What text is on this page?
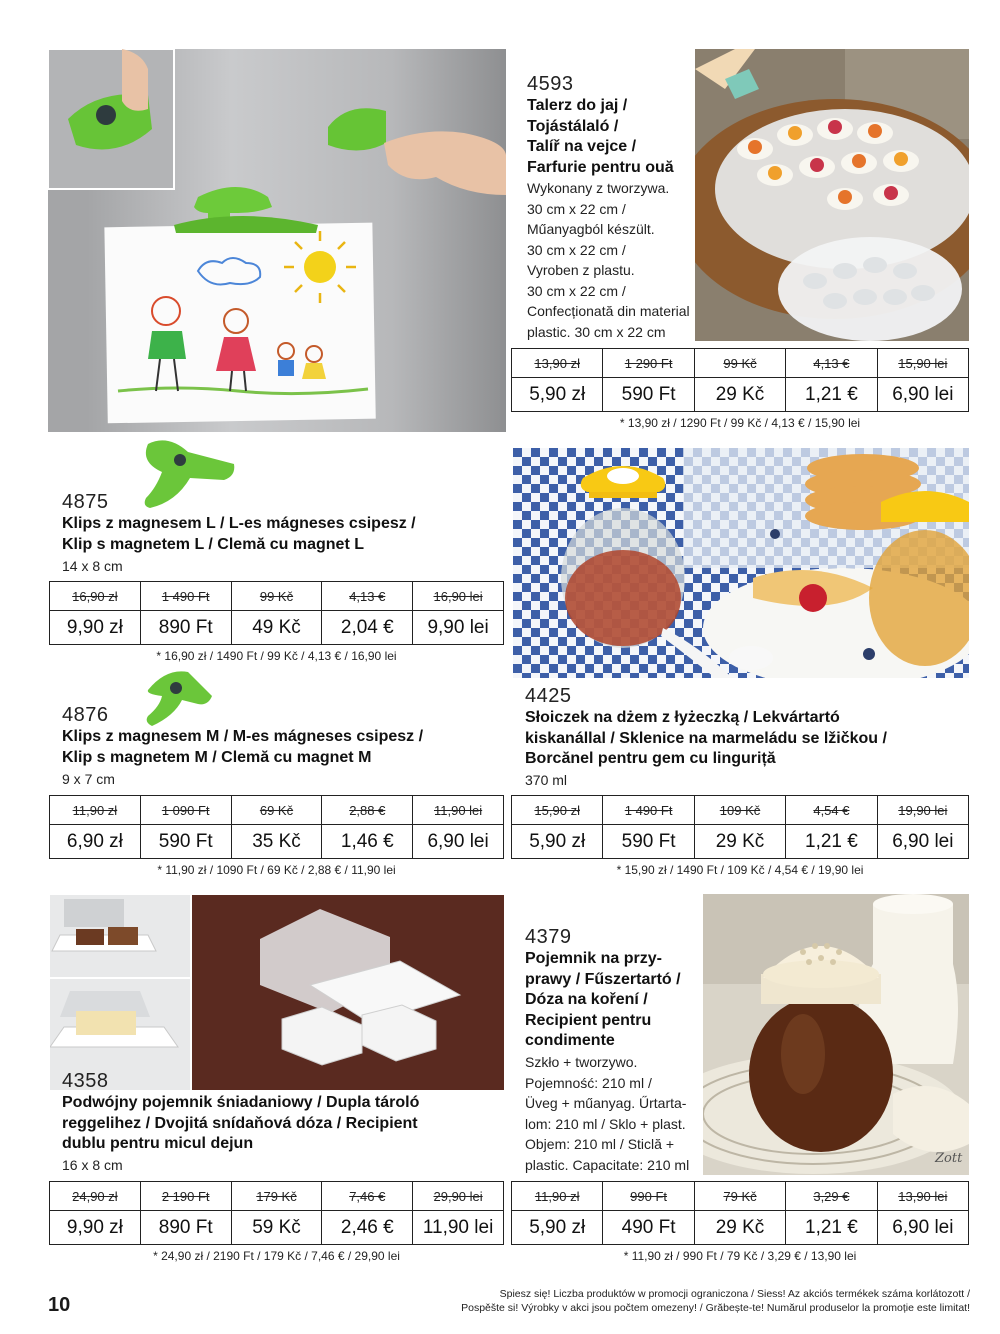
4593
Talerz do jaj /
Tojástálaló /
Talíř na vejce /
Farfurie pentru ouă
Wykonany z tworzywa.
30 cm x 22 cm /
Műanyagból készült.
30 cm x 22 cm /
Vyroben z plastu.
30 cm x 22 cm /
Confecționată din material
plastic. 30 cm x 22 cm
13,90 zł	1 290 Ft	99 Kč	4,13 €	15,90 lei
5,90 zł 590 Ft 29 Kč 1,21 € 6,90 lei
* 13,90 zł / 1290 Ft / 99 Kč / 4,13 € / 15,90 lei
4875
Klips z magnesem L / L-es mágneses csipesz /
Klip s magnetem L / Clemă cu magnet L
14 x 8 cm
16,90 zł	1 490 Ft	99 Kč	4,13 €	16,90 lei
9,90 zł 890 Ft 49 Kč 2,04 € 9,90 lei
* 16,90 zł / 1490 Ft / 99 Kč / 4,13 € / 16,90 lei
4876
Klips z magnesem M / M-es mágneses csipesz /
Klip s magnetem M / Clemă cu magnet M
9 x 7 cm
11,90 zł	1 090 Ft	69 Kč	2,88 €	11,90 lei
6,90 zł 590 Ft 35 Kč 1,46 € 6,90 lei
* 11,90 zł / 1090 Ft / 69 Kč / 2,88 € / 11,90 lei
4425
Słoiczek na dżem z łyżeczką / Lekvártartó
kiskanállal / Sklenice na marmeládu se lžičkou /
Borcănel pentru gem cu linguriță
370 ml
15,90 zł	1 490 Ft	109 Kč	4,54 €	19,90 lei
5,90 zł 590 Ft 29 Kč 1,21 € 6,90 lei
* 15,90 zł / 1490 Ft / 109 Kč / 4,54 € / 19,90 lei
4358
Podwójny pojemnik śniadaniowy / Dupla tároló
reggelihez / Dvojitá snídaňová dóza / Recipient
dublu pentru micul dejun
16 x 8 cm
24,90 zł	2 190 Ft	179 Kč	7,46 €	29,90 lei
9,90 zł 890 Ft 59 Kč 2,46 € 11,90 lei
* 24,90 zł / 2190 Ft / 179 Kč / 7,46 € / 29,90 lei
4379
Pojemnik na przy-
prawy / Fűszertartó /
Dóza na koření /
Recipient pentru
condimente
Szkło + tworzywo.
Pojemność: 210 ml /
Üveg + műanyag. Űrtarta-
lom: 210 ml / Sklo + plast.
Objem: 210 ml / Sticlă +
plastic. Capacitate: 210 ml	Zott
11,90 zł	990 Ft	79 Kč	3,29 €	13,90 lei
5,90 zł 490 Ft 29 Kč 1,21 € 6,90 lei
* 11,90 zł / 990 Ft / 79 Kč / 3,29 € / 13,90 lei
10	Spiesz się! Liczba produktów w promocji ograniczona / Siess! Az akciós termékek száma korlátozott /
Pospěšte si! Výrobky v akci jsou počtem omezeny! / Grăbește-te! Numărul produselor la promoție este limitat!
